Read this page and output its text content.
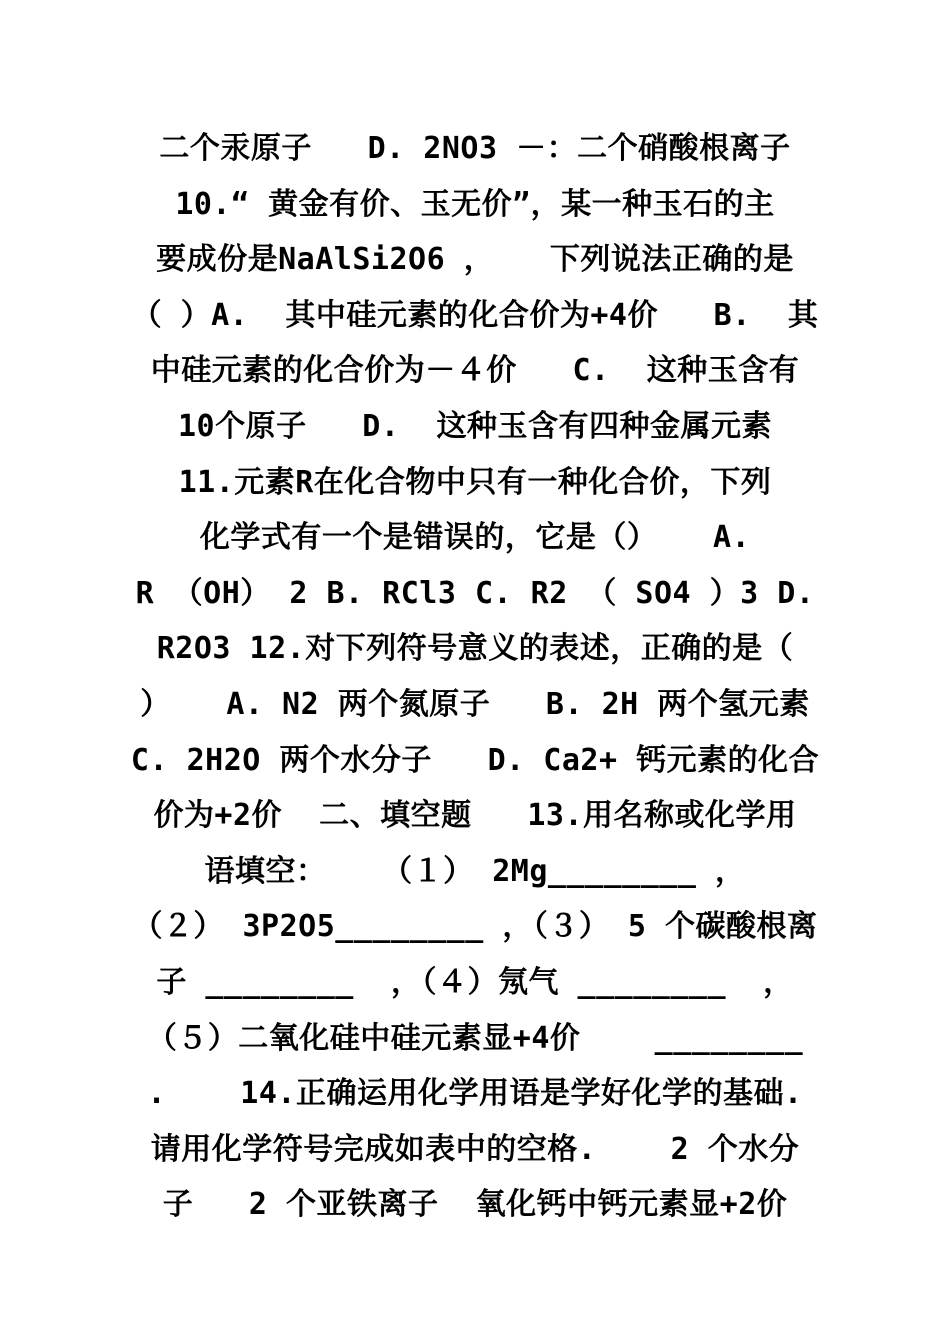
二个汞原子   D. 2NO3 －：二个硝酸根离子
10.“ 黄金有价、玉无价”，某一种玉石的主
要成份是NaAlSi2O6 ，   下列说法正确的是
（ ）A.  其中硅元素的化合价为+4价   B.  其
中硅元素的化合价为－４价   C.  这种玉含有
10个原子   D.  这种玉含有四种金属元素
11.元素R在化合物中只有一种化合价，下列
化学式有一个是错误的，它是（）   A.
R （OH） 2 B. RCl3 C. R2 （ SO4 ）3 D.
R2O3 12.对下列符号意义的表述，正确的是（
）   A. N2 两个氮原子   B. 2H 两个氢元素
C. 2H2O 两个水分子   D. Ca2+ 钙元素的化合
价为+2价  二、填空题   13.用名称或化学用
语填空：   （１） 2Mg________ ，
（２） 3P2O5________ ，（３） 5 个碳酸根离
子 ________  ，（４）氖气 ________  ，
（５）二氧化硅中硅元素显+4价    ________
.    14.正确运用化学用语是学好化学的基础.
请用化学符号完成如表中的空格.    2 个水分
子   2 个亚铁离子  氧化钙中钙元素显+2价
